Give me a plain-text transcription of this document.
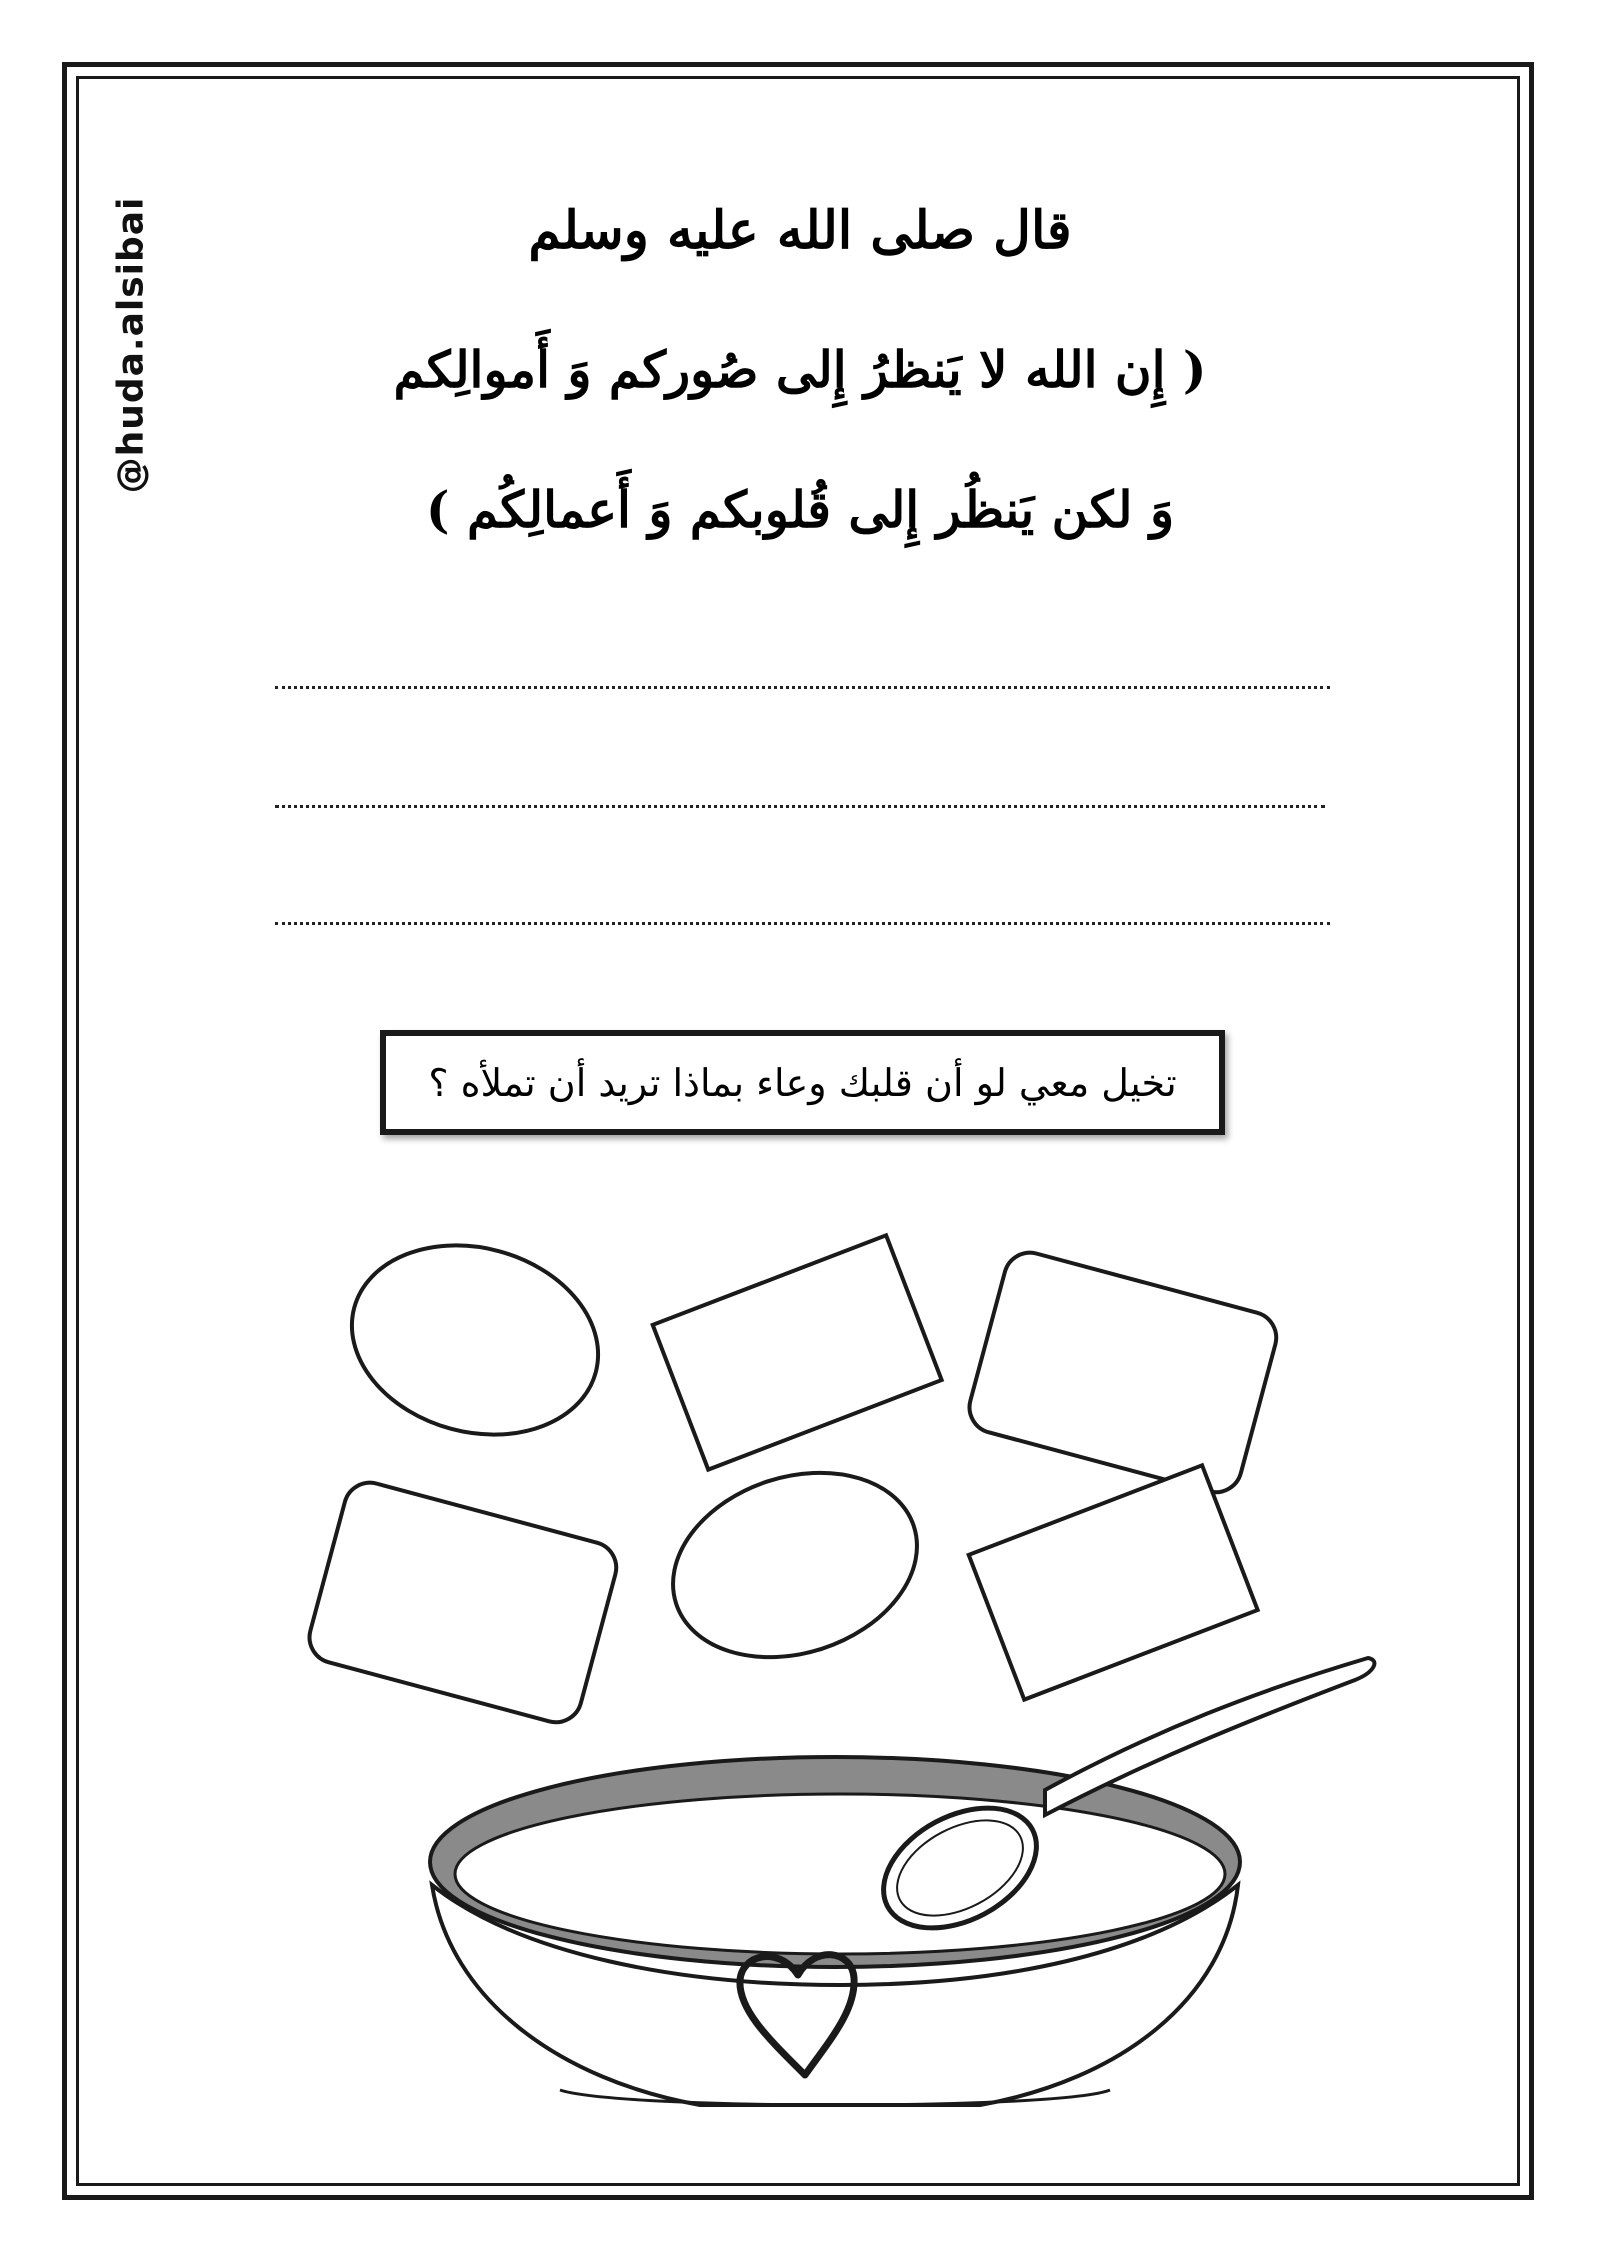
@huda.alsibai	قال صلى الله عليه وسلم
( إِن الله لا يَنظرُ إِلى صُوركم وَ أَموالِكم
وَ لكن يَنظُر إِلى قُلوبكم وَ أَعمالِكُم )
تخيل معي لو أن قلبك وعاء بماذا تريد أن تملأه ؟
